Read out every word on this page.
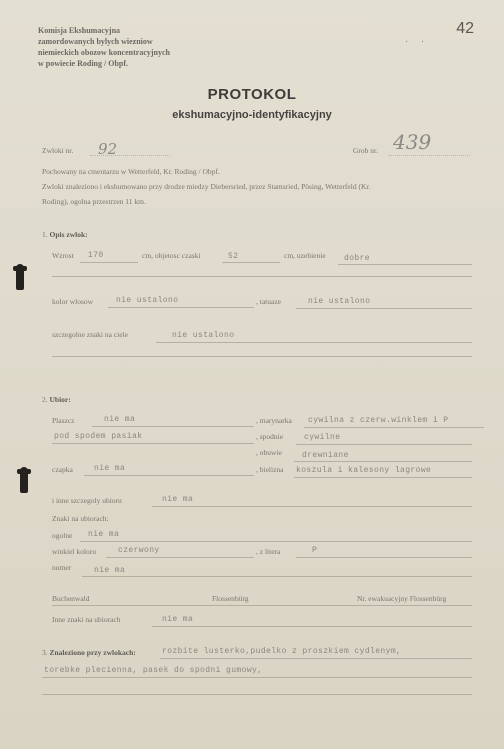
Komisja Ekshumacyjna
zamordowanych bylych wiezniow
niemieckich obozow koncentracyjnych
w powiecie Roding / Obpf.
· ·
42
PROTOKOL
ekshumacyjno-identyfikacyjny
Zwloki nr. 92	Grob nr. 439
Pochowany na cmentarzu w Wetterfeld, Kr. Roding / Obpf.
Zwloki znaleziono i ekshumowano przy drodze miedzy Diebersried, przez Stamsried, Pösing, Wetterfeld (Kr.
Roding), ogolna przestrzen 11 km.
1. Opis zwlok:
Wzrost 170	cm, objetosc czaski	52	cm, uzebienie dobre
kolor wlosow	nie ustalono	, tatuaze	nie ustalono
szczegolne znaki na ciele	nie ustalono
2. Ubior:
Plaszcz	nie ma	, marynarka cywilna z czerw.winklem i P
pod spodem pasiak	, spodnie	cywilne
, obuwie	drewniane
czapka	nie ma	, bielizna koszula i kalesony lagrowe
i inne szczegoly ubioru	nie ma
Znaki na ubiorach:
ogolne nie ma
winkiel koloru	czerwony	, z litera	P
numer	nie ma
Buchenwald	Flossenbürg	Nr. ewakuacyjny Flossenbürg
Inne znaki na ubiorach	nie ma
3. Znaleziono przy zwlokach:	rozbite lusterko,pudelko z proszkiem cydlenym,
torebke plecienna, pasek do spodni gumowy,
